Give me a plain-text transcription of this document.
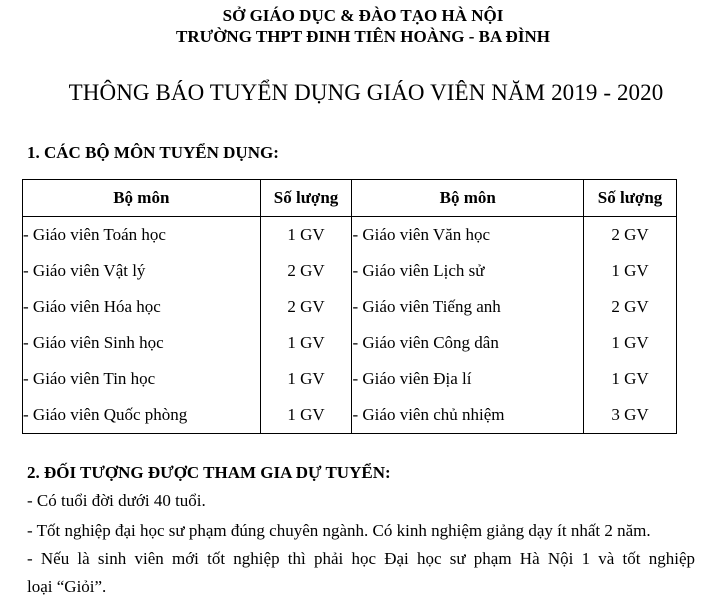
SỞ GIÁO DỤC & ĐÀO TẠO HÀ NỘI
TRƯỜNG THPT ĐINH TIÊN HOÀNG - BA ĐÌNH
THÔNG BÁO TUYỂN DỤNG GIÁO VIÊN NĂM 2019 - 2020
1. CÁC BỘ MÔN TUYỂN DỤNG:
Bộ môn	Số lượng	Bộ môn	Số lượng
- Giáo viên Toán học	1 GV	- Giáo viên Văn học	2 GV
- Giáo viên Vật lý	2 GV	- Giáo viên Lịch sử	1 GV
- Giáo viên Hóa học	2 GV	- Giáo viên Tiếng anh	2 GV
- Giáo viên Sinh học	1 GV	- Giáo viên Công dân	1 GV
- Giáo viên Tin học	1 GV	- Giáo viên Địa lí	1 GV
- Giáo viên Quốc phòng	1 GV	- Giáo viên chủ nhiệm	3 GV
2. ĐỐI TƯỢNG ĐƯỢC THAM GIA DỰ TUYỂN:
- Có tuổi đời dưới 40 tuổi.
- Tốt nghiệp đại học sư phạm đúng chuyên ngành. Có kinh nghiệm giảng dạy ít nhất 2 năm.
- Nếu là sinh viên mới tốt nghiệp thì phải học Đại học sư phạm Hà Nội 1 và tốt nghiệp
loại “Giỏi”.
